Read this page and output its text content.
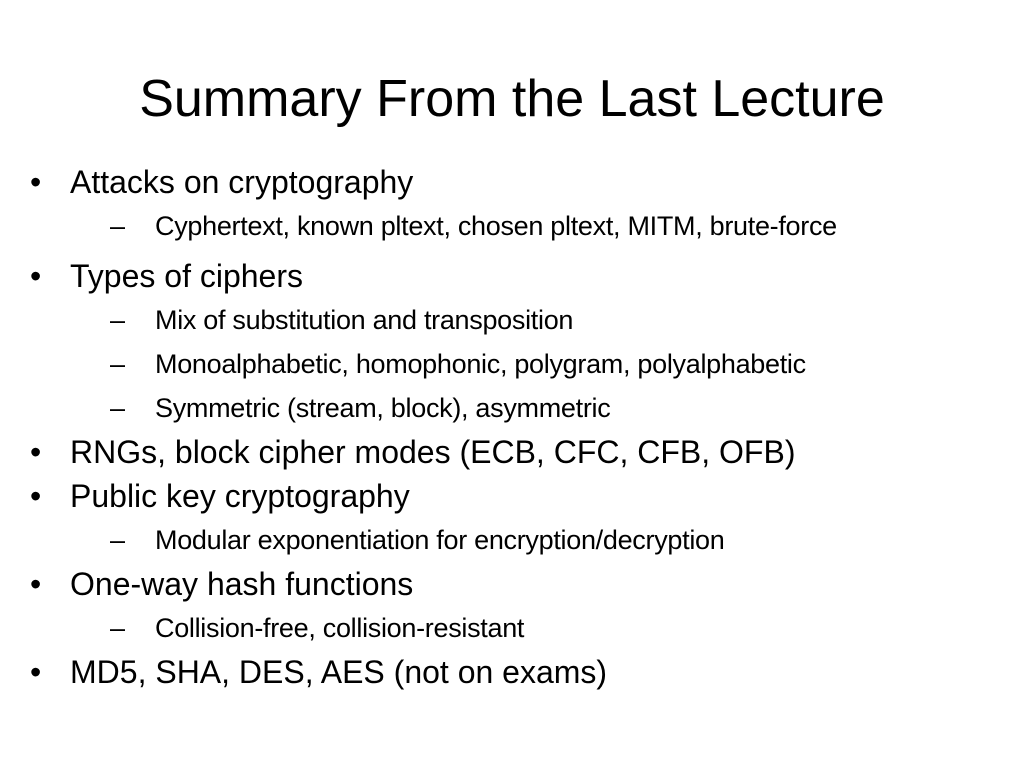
Summary From the Last Lecture
• Attacks on cryptography
–	Cyphertext, known pltext, chosen pltext, MITM, brute-force
• Types of ciphers
–	Mix of substitution and transposition
–	Monoalphabetic, homophonic, polygram, polyalphabetic
–	Symmetric (stream, block), asymmetric
• RNGs, block cipher modes (ECB, CFC, CFB, OFB)
• Public key cryptography
–	Modular exponentiation for encryption/decryption
• One-way hash functions
–	Collision-free, collision-resistant
• MD5, SHA, DES, AES (not on exams)
